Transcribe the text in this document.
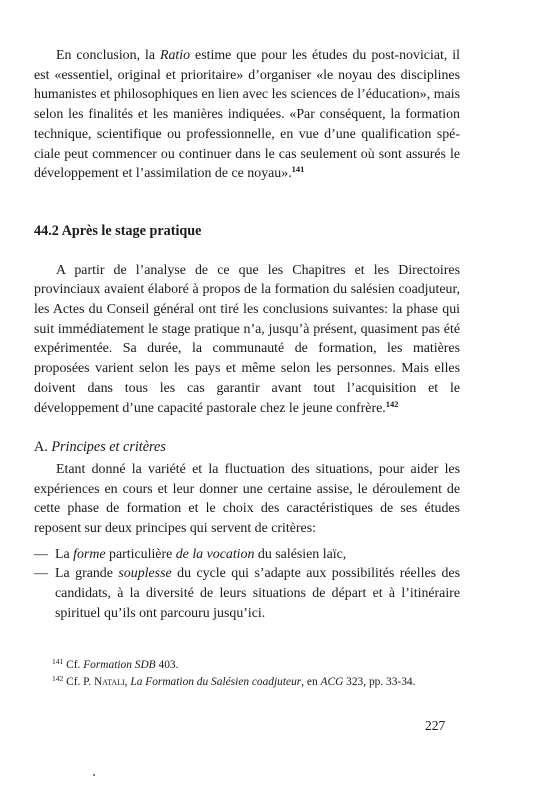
En conclusion, la Ratio estime que pour les études du post-noviciat, il est «essentiel, original et prioritaire» d’organiser «le noyau des disciplines humanistes et philosophiques en lien avec les sciences de l’éducation», mais selon les finalités et les manières indiquées. «Par conséquent, la formation technique, scientifique ou professionnelle, en vue d’une qualification spéciale peut commencer ou continuer dans le cas seulement où sont assurés le développement et l’assimilation de ce noyau».$^{141}$

44.2 Après le stage pratique

A partir de l’analyse de ce que les Chapitres et les Directoires provinciaux avaient élaboré à propos de la formation du salésien coadjuteur, les Actes du Conseil général ont tiré les conclusions suivantes: la phase qui suit immédiatement le stage pratique n’a, jusqu’à présent, quasiment pas été expérimentée. Sa durée, la communauté de formation, les matières proposées varient selon les pays et même selon les personnes. Mais elles doivent dans tous les cas garantir avant tout l’acquisition et le développement d’une capacité pastorale chez le jeune confrère.$^{142}$

A. Principes et critères

Etant donné la variété et la fluctuation des situations, pour aider les expériences en cours et leur donner une certaine assise, le déroulement de cette phase de formation et le choix des caractéristiques de ses études reposent sur deux principes qui servent de critères:

— La forme particulière de la vocation du salésien laïc,
— La grande souplesse du cycle qui s’adapte aux possibilités réelles des candidats, à la diversité de leurs situations de départ et à l’itinéraire spirituel qu’ils ont parcouru jusqu’ici.
$^{141}$ Cf. Formation SDB 403.
$^{142}$ Cf. P. Natali, La Formation du Salésien coadjuteur, en ACG 323, pp. 33-34.
227
